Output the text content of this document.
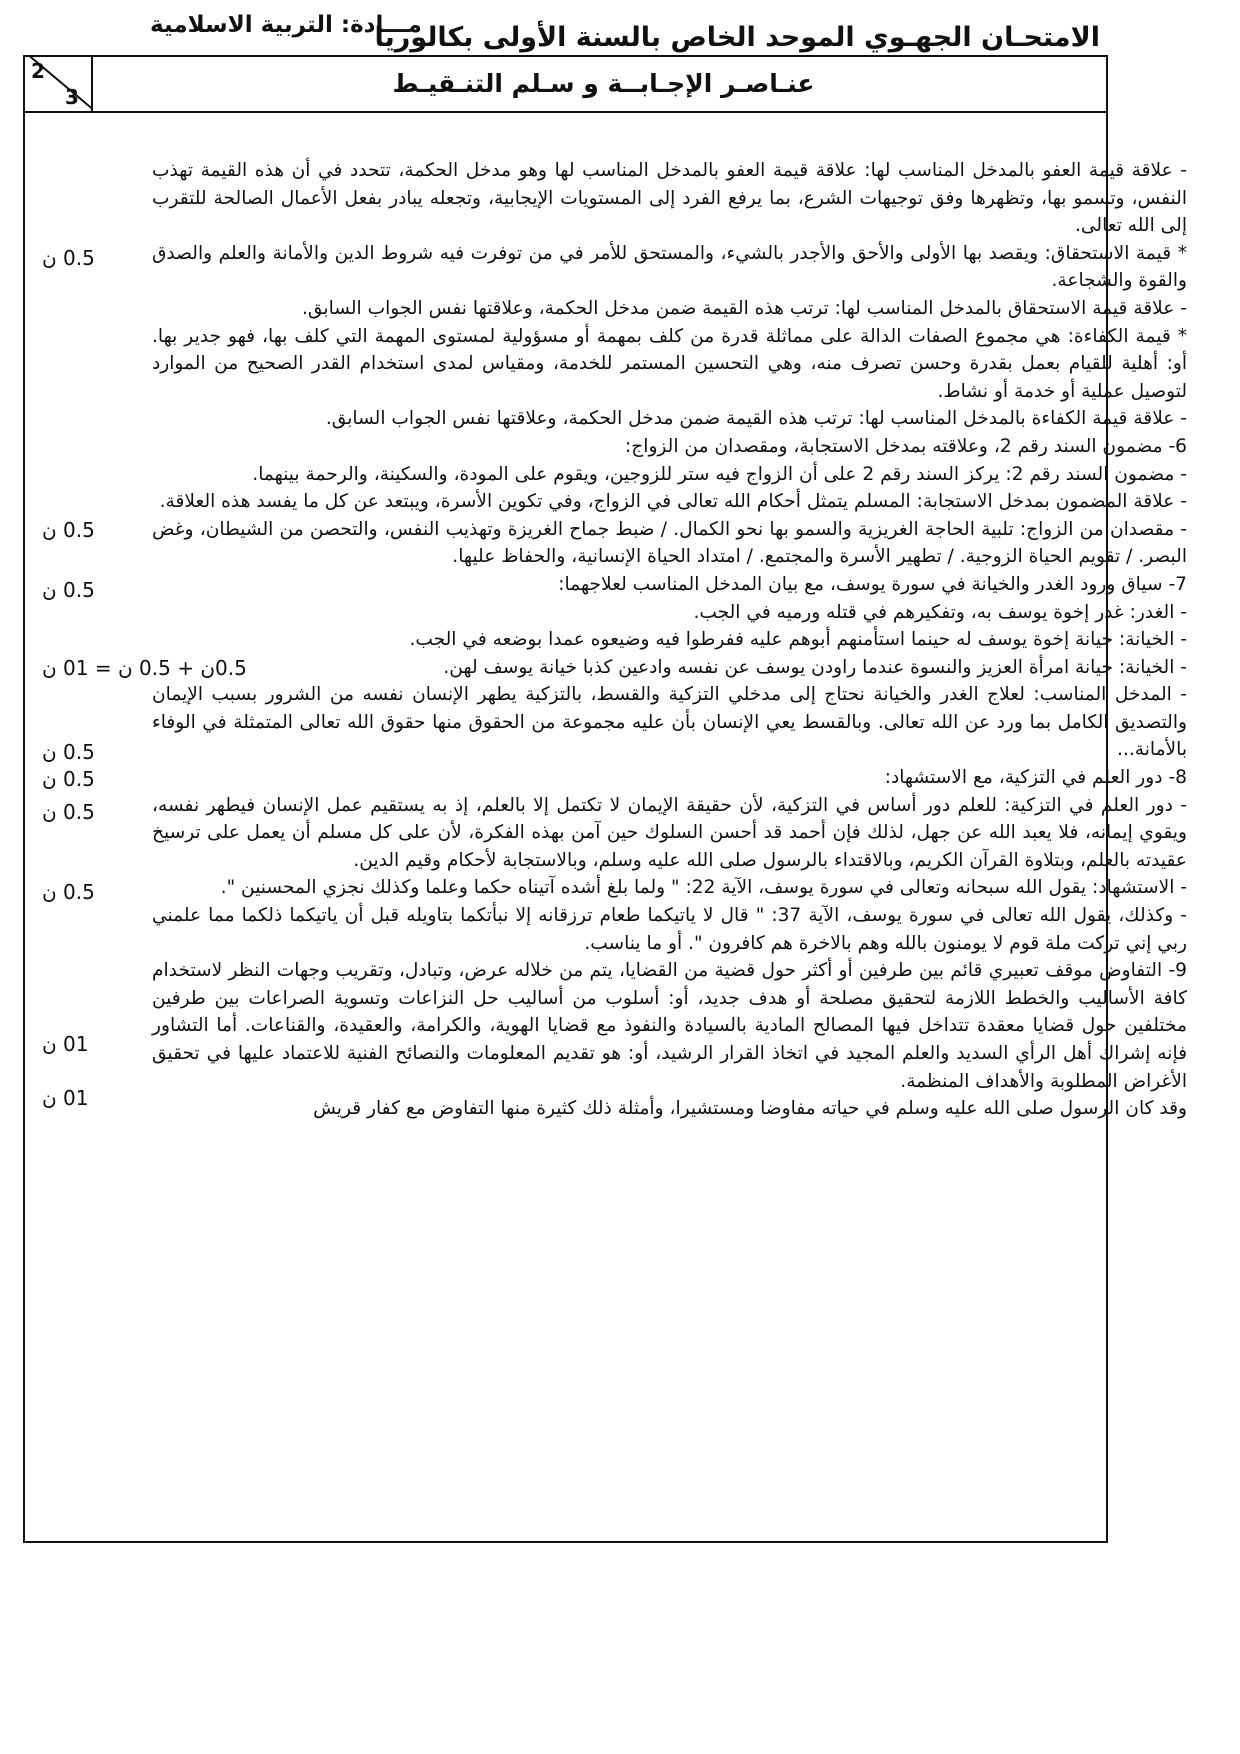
الامتحـان الجهـوي الموحد الخاص بالسنة الأولى بكالوريا
مـــادة: التربية الاسلامية
عنـاصـر الإجـابــة و سـلم التنـقيـط
2
3

- علاقة قيمة العفو بالمدخل المناسب لها: علاقة قيمة العفو بالمدخل المناسب لها وهو مدخل الحكمة، تتحدد في أن هذه القيمة تهذب النفس، وتسمو بها، وتظهرها وفق توجيهات الشرع، بما يرفع الفرد إلى المستويات الإيجابية، وتجعله يبادر بفعل الأعمال الصالحة للتقرب إلى الله تعالى.

* قيمة الاستحقاق: ويقصد بها الأولى والأحق والأجدر بالشيء، والمستحق للأمر في من توفرت فيه شروط الدين والأمانة والعلم والصدق والقوة والشجاعة.

- علاقة قيمة الاستحقاق بالمدخل المناسب لها: ترتب هذه القيمة ضمن مدخل الحكمة، وعلاقتها نفس الجواب السابق.

* قيمة الكفاءة: هي مجموع الصفات الدالة على مماثلة قدرة من كلف بمهمة أو مسؤولية لمستوى المهمة التي كلف بها، فهو جدير بها. أو: أهلية للقيام بعمل بقدرة وحسن تصرف منه، وهي التحسين المستمر للخدمة، ومقياس لمدى استخدام القدر الصحيح من الموارد لتوصيل عملية أو خدمة أو نشاط.

- علاقة قيمة الكفاءة بالمدخل المناسب لها: ترتب هذه القيمة ضمن مدخل الحكمة، وعلاقتها نفس الجواب السابق.

6- مضمون السند رقم 2، وعلاقته بمدخل الاستجابة، ومقصدان من الزواج:

- مضمون السند رقم 2: يركز السند رقم 2 على أن الزواج فيه ستر للزوجين، ويقوم على المودة، والسكينة، والرحمة بينهما.

- علاقة المضمون بمدخل الاستجابة: المسلم يتمثل أحكام الله تعالى في الزواج، وفي تكوين الأسرة، ويبتعد عن كل ما يفسد هذه العلاقة.

- مقصدان من الزواج: تلبية الحاجة الغريزية والسمو بها نحو الكمال. / ضبط جماح الغريزة وتهذيب النفس، والتحصن من الشيطان، وغض البصر. / تقويم الحياة الزوجية. / تطهير الأسرة والمجتمع. / امتداد الحياة الإنسانية، والحفاظ عليها.

7- سياق ورود الغدر والخيانة في سورة يوسف، مع بيان المدخل المناسب لعلاجهما:

- الغدر: غدر إخوة يوسف به، وتفكيرهم في قتله ورميه في الجب.

- الخيانة: خيانة إخوة يوسف له حينما استأمنهم أبوهم عليه ففرطوا فيه وضيعوه عمدا بوضعه في الجب.

- الخيانة: خيانة امرأة العزيز والنسوة عندما راودن يوسف عن نفسه وادعين كذبا خيانة يوسف لهن.

- المدخل المناسب: لعلاج الغدر والخيانة نحتاج إلى مدخلي التزكية والقسط، بالتزكية يطهر الإنسان نفسه من الشرور بسبب الإيمان والتصديق الكامل بما ورد عن الله تعالى. وبالقسط يعي الإنسان بأن عليه مجموعة من الحقوق منها حقوق الله تعالى المتمثلة في الوفاء بالأمانة...

8- دور العلم في التزكية، مع الاستشهاد:

- دور العلم في التزكية: للعلم دور أساس في التزكية، لأن حقيقة الإيمان لا تكتمل إلا بالعلم، إذ به يستقيم عمل الإنسان فيطهر نفسه، ويقوي إيمانه، فلا يعبد الله عن جهل، لذلك فإن أحمد قد أحسن السلوك حين آمن بهذه الفكرة، لأن على كل مسلم أن يعمل على ترسيخ عقيدته بالعلم، وبتلاوة القرآن الكريم، وبالاقتداء بالرسول صلى الله عليه وسلم، وبالاستجابة لأحكام وقيم الدين.

- الاستشهاد: يقول الله سبحانه وتعالى في سورة يوسف، الآية 22: " ولما بلغ أشده آتيناه حكما وعلما وكذلك نجزي المحسنين ".

- وكذلك، يقول الله تعالى في سورة يوسف، الآية 37: " قال لا ياتيكما طعام ترزقانه إلا نبأتكما بتاويله قبل أن ياتيكما ذلكما مما علمني ربي إني تركت ملة قوم لا يومنون بالله وهم بالاخرة هم كافرون ". أو ما يناسب.

9- التفاوض موقف تعبيري قائم بين طرفين أو أكثر حول قضية من القضايا، يتم من خلاله عرض، وتبادل، وتقريب وجهات النظر لاستخدام كافة الأساليب والخطط اللازمة لتحقيق مصلحة أو هدف جديد، أو: أسلوب من أساليب حل النزاعات وتسوية الصراعات بين طرفين مختلفين حول قضايا معقدة تتداخل فيها المصالح المادية بالسيادة والنفوذ مع قضايا الهوية، والكرامة، والعقيدة، والقناعات. أما التشاور فإنه إشراك أهل الرأي السديد والعلم المجيد في اتخاذ القرار الرشيد، أو: هو تقديم المعلومات والنصائح الفنية للاعتماد عليها في تحقيق الأغراض المطلوبة والأهداف المنظمة.

وقد كان الرسول صلى الله عليه وسلم في حياته مفاوضا ومستشيرا، وأمثلة ذلك كثيرة منها التفاوض مع كفار قريش

0.5 ن
0.5 ن
0.5 ن
0.5ن + 0.5 ن = 01 ن
0.5 ن
0.5 ن
0.5 ن
0.5 ن
01 ن
01 ن
